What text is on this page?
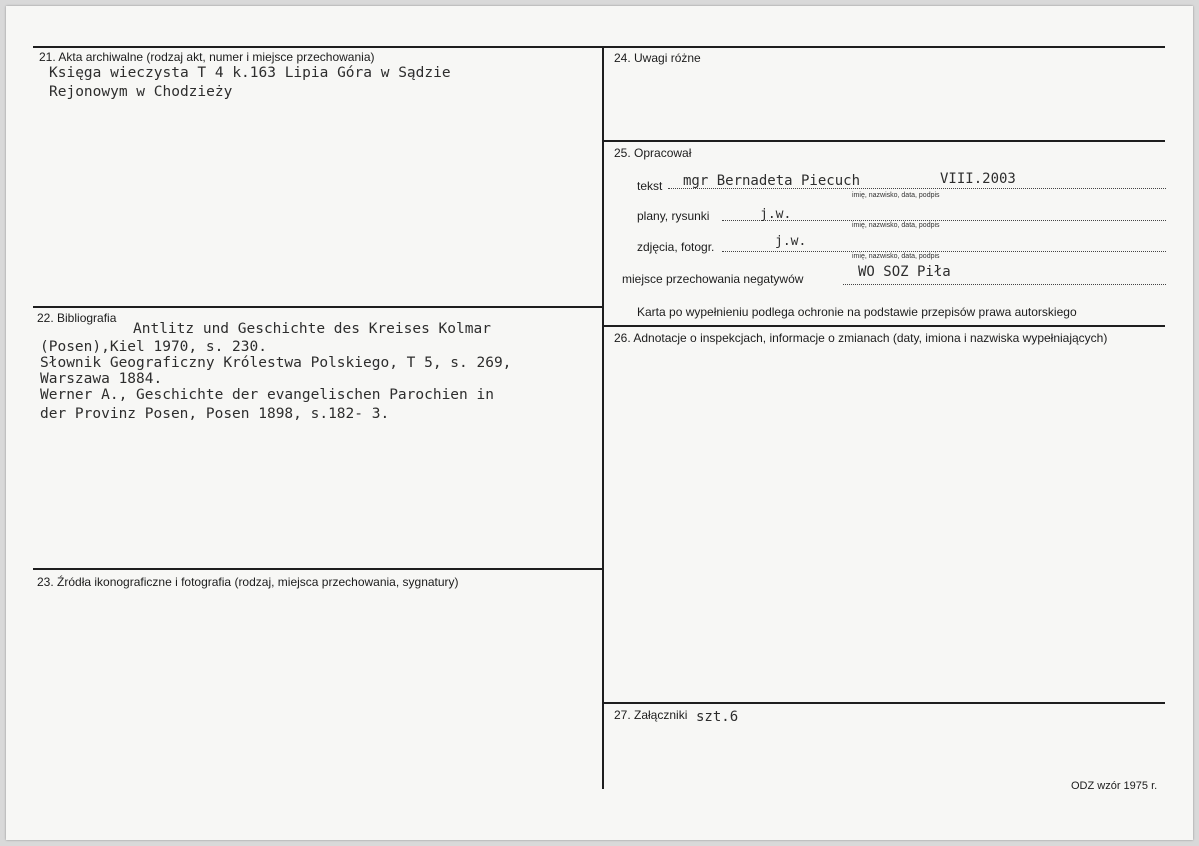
21. Akta archiwalne (rodzaj akt, numer i miejsce przechowania)
Księga wieczysta T 4 k.163 Lipia Góra w Sądzie
Rejonowym w Chodzieży
22. Bibliografia
Antlitz und Geschichte des Kreises Kolmar
(Posen),Kiel 1970, s. 230.
Słownik Geograficzny Królestwa Polskiego, T 5, s. 269,
Warszawa 1884.
Werner A., Geschichte der evangelischen Parochien in
der Provinz Posen, Posen 1898, s.182- 3.
23. Źródła ikonograficzne i fotografia (rodzaj, miejsca przechowania, sygnatury)
24. Uwagi różne
25. Opracował
tekst mgr Bernadeta Piecuch	VIII.2003
imię, nazwisko, data, podpis
plany, rysunki	j.w.
imię, nazwisko, data, podpis
zdjęcia, fotogr.	j.w.
imię, nazwisko, data, podpis
miejsce przechowania negatywów	WO SOZ Piła
Karta po wypełnieniu podlega ochronie na podstawie przepisów prawa autorskiego
26. Adnotacje o inspekcjach, informacje o zmianach (daty, imiona i nazwiska wypełniających)
27. Załączniki szt.6
ODZ wzór 1975 r.
